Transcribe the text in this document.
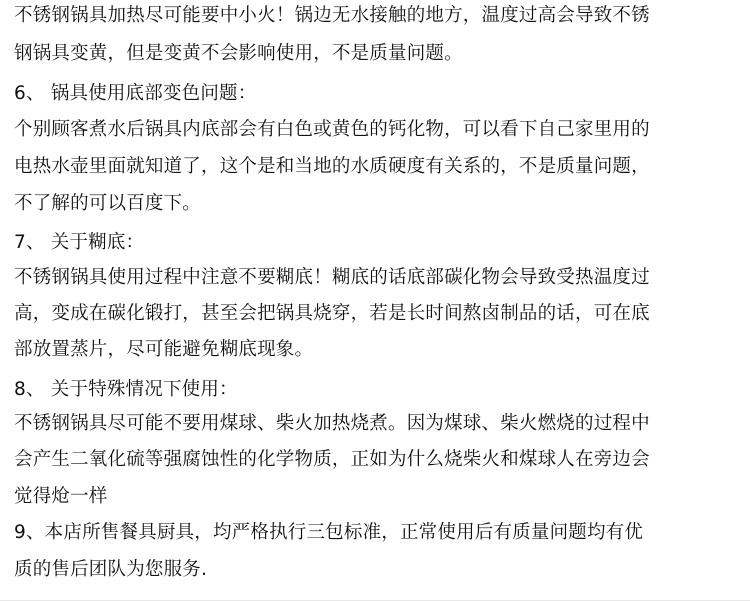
不锈钢锅具加热尽可能要中小火！锅边无水接触的地方，温度过高会导致不锈
钢锅具变黄，但是变黄不会影响使用，不是质量问题。
6、 锅具使用底部变色问题：
个别顾客煮水后锅具内底部会有白色或黄色的钙化物，可以看下自己家里用的
电热水壶里面就知道了，这个是和当地的水质硬度有关系的，不是质量问题，
不了解的可以百度下。
7、 关于糊底：
不锈钢锅具使用过程中注意不要糊底！糊底的话底部碳化物会导致受热温度过
高，变成在碳化锻打，甚至会把锅具烧穿，若是长时间熬卤制品的话，可在底
部放置蒸片，尽可能避免糊底现象。
8、 关于特殊情况下使用：
不锈钢锅具尽可能不要用煤球、柴火加热烧煮。因为煤球、柴火燃烧的过程中
会产生二氧化硫等强腐蚀性的化学物质，正如为什么烧柴火和煤球人在旁边会
觉得炝一样
9、本店所售餐具厨具，均严格执行三包标准，正常使用后有质量问题均有优
质的售后团队为您服务.
